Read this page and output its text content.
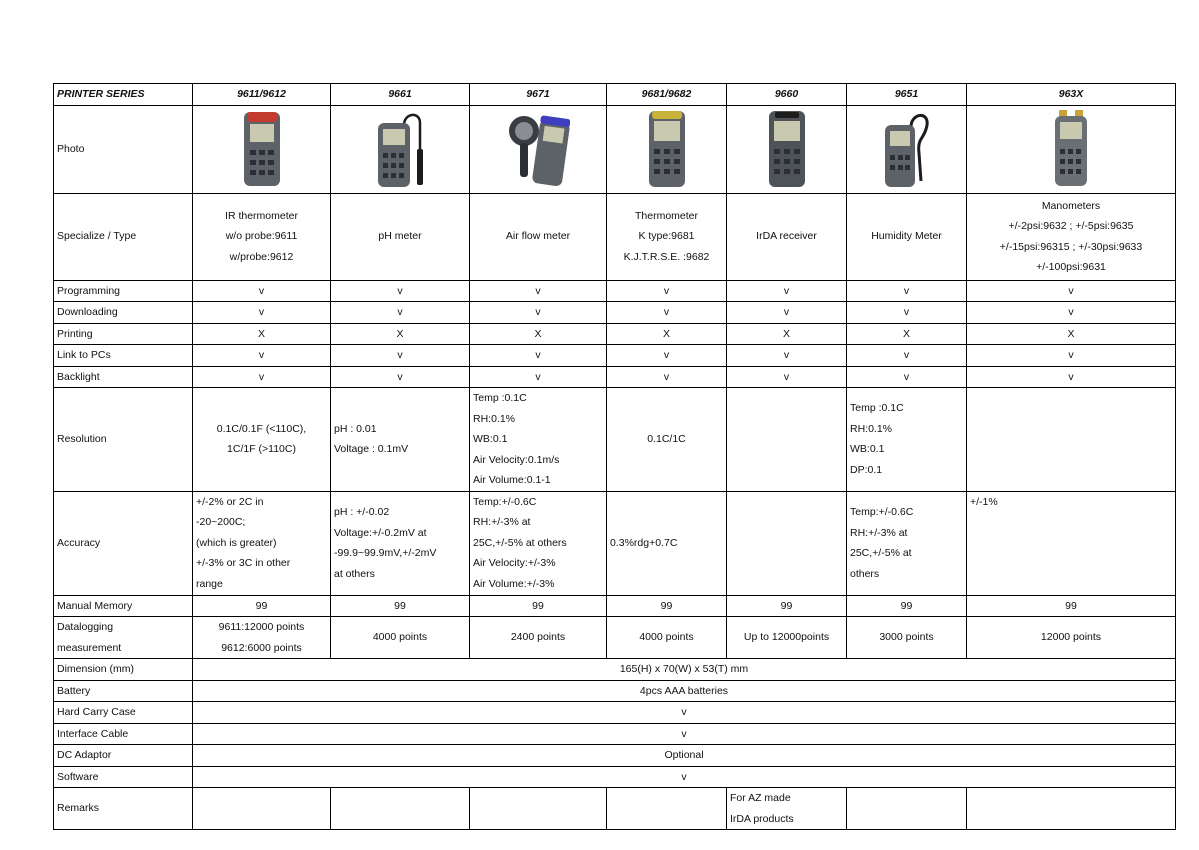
PRINTER SERIES	9611/9612	9661	9671	9681/9682	9660	9651	963X
Photo	

Specialize / Type	IR thermometer
w/o probe:9611
w/probe:9612	pH meter	Air flow meter	Thermometer
K type:9681
K.J.T.R.S.E. :9682	IrDA receiver	Humidity Meter	Manometers
+/-2psi:9632 ; +/-5psi:9635
+/-15psi:96315 ; +/-30psi:9633
+/-100psi:9631

Programming	v	v	v	v	v	v	v
Downloading	v	v	v	v	v	v	v
Printing	X	X	X	X	X	X	X
Link to PCs	v	v	v	v	v	v	v
Backlight	v	v	v	v	v	v	v
Resolution	0.1C/0.1F (<110C),
1C/1F (>110C)	pH : 0.01
Voltage : 0.1mV	Temp :0.1C
RH:0.1%
WB:0.1
Air Velocity:0.1m/s
Air Volume:0.1-1	0.1C/1C		Temp :0.1C
RH:0.1%
WB:0.1
DP:0.1	

Accuracy	+/-2% or 2C in
-20~200C;
(which is greater)
+/-3% or 3C in other
range	pH : +/-0.02
Voltage:+/-0.2mV at
-99.9~99.9mV,+/-2mV
at others	Temp:+/-0.6C
RH:+/-3% at
25C,+/-5% at others
Air Velocity:+/-3%
Air Volume:+/-3%	0.3%rdg+0.7C		Temp:+/-0.6C
RH:+/-3% at
25C,+/-5% at
others	+/-1%
Manual Memory	99	99	99	99	99	99	99

Datalogging
measurement	9611:12000 points
9612:6000 points	4000 points	2400 points	4000 points	Up to 12000points	3000 points	12000 points
Dimension (mm)	165(H) x 70(W) x 53(T) mm						
Battery	4pcs AAA batteries						
Hard Carry Case	v						
Interface Cable	v						
DC Adaptor	Optional						
Software	v						
Remarks					For AZ made
IrDA products		
